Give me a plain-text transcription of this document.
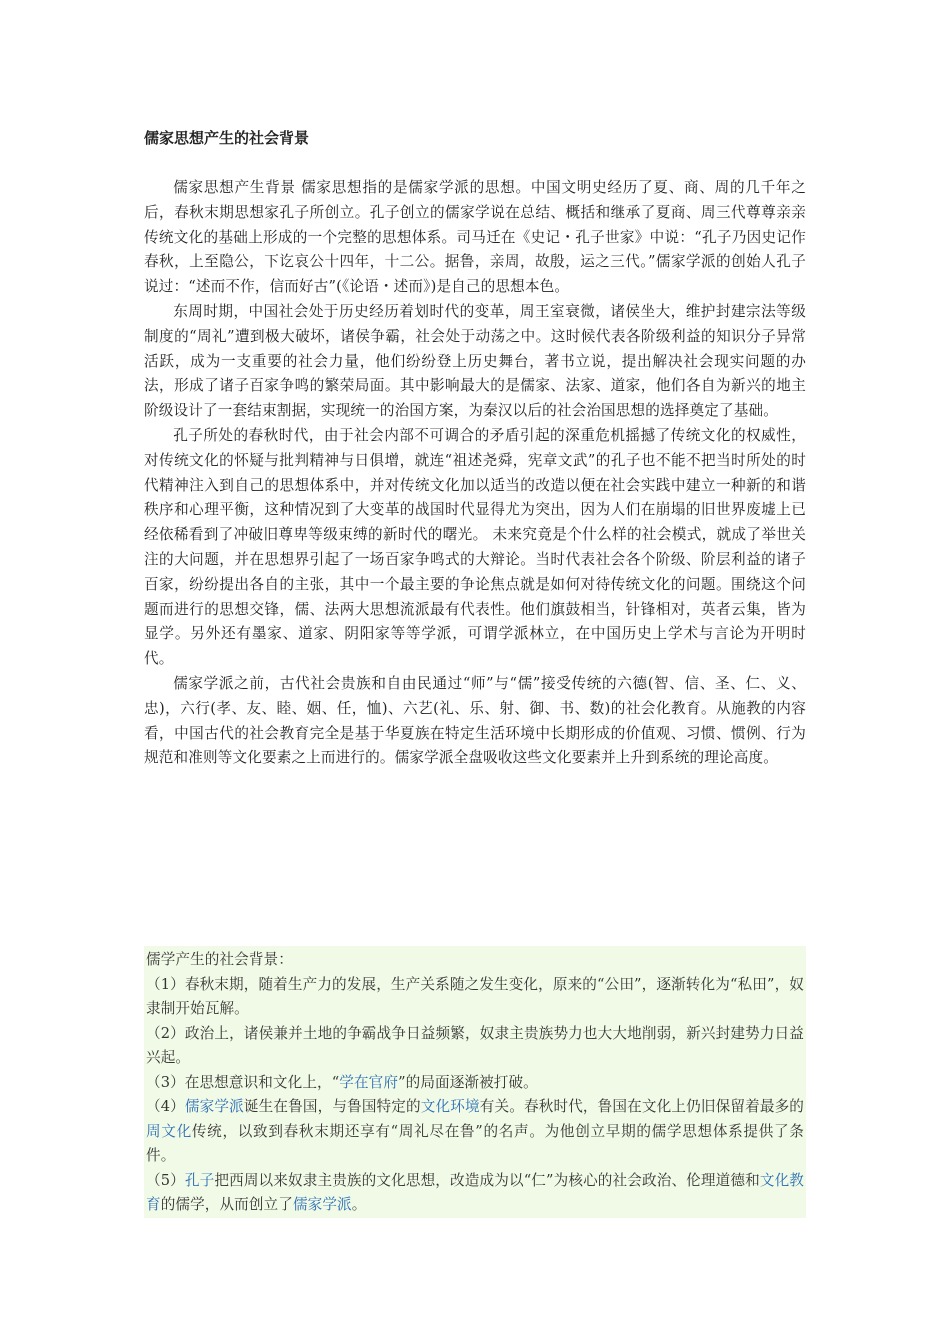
儒家思想产生的社会背景

儒家思想产生背景 儒家思想指的是儒家学派的思想。中国文明史经历了夏、商、周的几千年之后，春秋末期思想家孔子所创立。孔子创立的儒家学说在总结、概括和继承了夏商、周三代尊尊亲亲传统文化的基础上形成的一个完整的思想体系。司马迁在《史记・孔子世家》中说：“孔子乃因史记作春秋，上至隐公，下讫哀公十四年，十二公。据鲁，亲周，故殷，运之三代。”儒家学派的创始人孔子说过：“述而不作，信而好古”(《论语・述而》)是自己的思想本色。

东周时期，中国社会处于历史经历着划时代的变革，周王室衰微，诸侯坐大，维护封建宗法等级制度的“周礼”遭到极大破坏，诸侯争霸，社会处于动荡之中。这时候代表各阶级利益的知识分子异常活跃，成为一支重要的社会力量，他们纷纷登上历史舞台，著书立说，提出解决社会现实问题的办法，形成了诸子百家争鸣的繁荣局面。其中影响最大的是儒家、法家、道家，他们各自为新兴的地主阶级设计了一套结束割据，实现统一的治国方案，为秦汉以后的社会治国思想的选择奠定了基础。

孔子所处的春秋时代，由于社会内部不可调合的矛盾引起的深重危机摇撼了传统文化的权威性，对传统文化的怀疑与批判精神与日俱增，就连“祖述尧舜，宪章文武”的孔子也不能不把当时所处的时代精神注入到自己的思想体系中，并对传统文化加以适当的改造以便在社会实践中建立一种新的和谐秩序和心理平衡，这种情况到了大变革的战国时代显得尤为突出，因为人们在崩塌的旧世界废墟上已经依稀看到了冲破旧尊卑等级束缚的新时代的曙光。 未来究竟是个什么样的社会模式，就成了举世关注的大问题，并在思想界引起了一场百家争鸣式的大辩论。当时代表社会各个阶级、阶层利益的诸子百家，纷纷提出各自的主张，其中一个最主要的争论焦点就是如何对待传统文化的问题。围绕这个问题而进行的思想交锋，儒、法两大思想流派最有代表性。他们旗鼓相当，针锋相对，英者云集，皆为显学。另外还有墨家、道家、阴阳家等等学派，可谓学派林立，在中国历史上学术与言论为开明时代。

儒家学派之前，古代社会贵族和自由民通过“师”与“儒”接受传统的六德(智、信、圣、仁、义、忠)，六行(孝、友、睦、姻、任，恤)、六艺(礼、乐、射、御、书、数)的社会化教育。从施教的内容看，中国古代的社会教育完全是基于华夏族在特定生活环境中长期形成的价值观、习惯、惯例、行为规范和准则等文化要素之上而进行的。儒家学派全盘吸收这些文化要素并上升到系统的理论高度。

儒学产生的社会背景：

（1）春秋末期，随着生产力的发展，生产关系随之发生变化，原来的“公田”，逐渐转化为“私田”，奴隶制开始瓦解。

（2）政治上，诸侯兼并土地的争霸战争日益频繁，奴隶主贵族势力也大大地削弱，新兴封建势力日益兴起。

（3）在思想意识和文化上，“学在官府”的局面逐渐被打破。

（4）儒家学派诞生在鲁国，与鲁国特定的文化环境有关。春秋时代，鲁国在文化上仍旧保留着最多的周文化传统，以致到春秋末期还享有“周礼尽在鲁”的名声。为他创立早期的儒学思想体系提供了条件。

（5）孔子把西周以来奴隶主贵族的文化思想，改造成为以“仁”为核心的社会政治、伦理道德和文化教育的儒学，从而创立了儒家学派。
